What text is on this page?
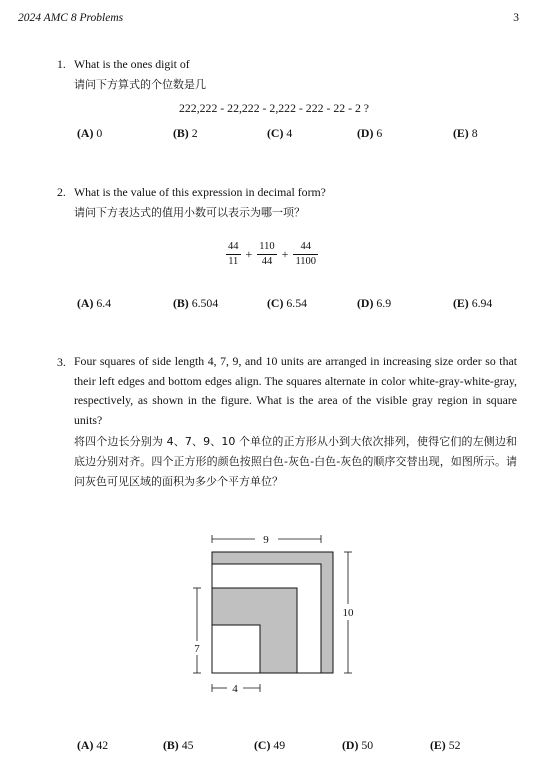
2024 AMC 8 Problems	3
1. What is the ones digit of
请问下方算式的个位数是几
222,222 - 22,222 - 2,222 - 222 - 22 - 2 ?
(A) 0	(B) 2	(C) 4	(D) 6	(E) 8
2. What is the value of this expression in decimal form?
请问下方表达式的值用小数可以表示为哪一项？
$\frac{44}{11} + \frac{110}{44} + \frac{44}{1100}$
(A) 6.4	(B) 6.504	(C) 6.54	(D) 6.9	(E) 6.94
3. Four squares of side length 4, 7, 9, and 10 units are arranged in increasing size order so that their left edges and bottom edges align. The squares alternate in color white-gray-white-gray, respectively, as shown in the figure. What is the area of the visible gray region in square units?
将四个边长分别为 4、7、9、10 个单位的正方形从小到大依次排列，使得它们的左侧边和底边分别对齐。四个正方形的颜色按照白色-灰色-白色-灰色的顺序交替出现，如图所示。请问灰色可见区域的面积为多少个平方单位？
9
10
7
4
(A) 42	(B) 45	(C) 49	(D) 50	(E) 52
